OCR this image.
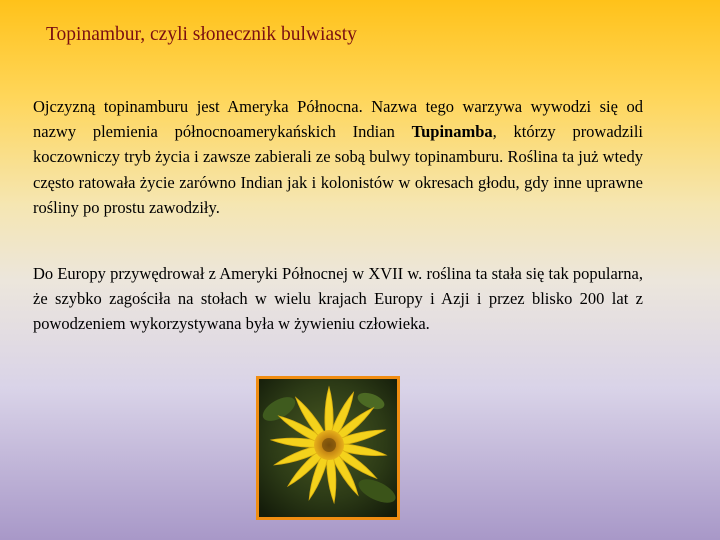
Topinambur, czyli słonecznik bulwiasty

Ojczyzną topinamburu jest Ameryka Północna. Nazwa tego warzywa wywodzi się od nazwy plemienia północnoamerykańskich Indian Tupinamba, którzy prowadzili koczowniczy tryb życia i zawsze zabierali ze sobą bulwy topinamburu. Roślina ta już wtedy często ratowała życie zarówno Indian jak i kolonistów w okresach głodu, gdy inne uprawne rośliny po prostu zawodziły.

Do Europy przywędrował z Ameryki Północnej w XVII w. roślina ta stała się tak popularna, że szybko zagościła na stołach w wielu krajach Europy i Azji i przez blisko 200 lat z powodzeniem wykorzystywana była w żywieniu człowieka.
